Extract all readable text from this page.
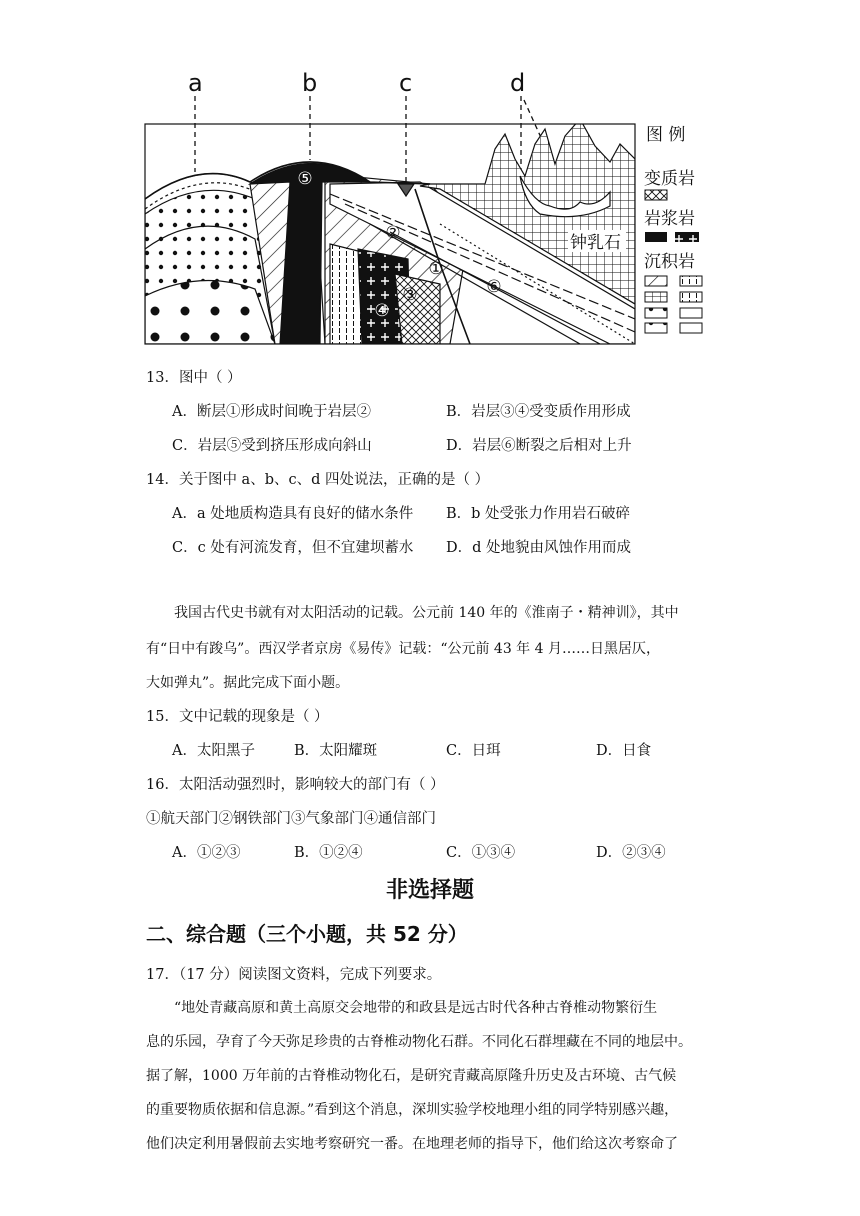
a	b	c	d
⑤
②
①
③
④
⑥
钟乳石
图 例
变质岩
岩浆岩
沉积岩
13．图中（ ）
A．断层①形成时间晚于岩层②	B．岩层③④受变质作用形成
C．岩层⑤受到挤压形成向斜山	D．岩层⑥断裂之后相对上升
14．关于图中 a、b、c、d 四处说法，正确的是（ ）
A．a 处地质构造具有良好的储水条件 B．b 处受张力作用岩石破碎
C．c 处有河流发育，但不宜建坝蓄水 D．d 处地貌由风蚀作用而成
我国古代史书就有对太阳活动的记载。公元前 140 年的《淮南子・精神训》，其中
有“日中有踆乌”。西汉学者京房《易传》记载：“公元前 43 年 4 月……日黑居仄，
大如弹丸”。据此完成下面小题。
15．文中记载的现象是（ ）
A．太阳黑子	B．太阳耀斑	C．日珥	D．日食
16．太阳活动强烈时，影响较大的部门有（ ）
①航天部门②钢铁部门③气象部门④通信部门
A．①②③	B．①②④	C．①③④	D．②③④
非选择题
二、综合题（三个小题，共 52 分）
17．（17 分）阅读图文资料，完成下列要求。
“地处青藏高原和黄土高原交会地带的和政县是远古时代各种古脊椎动物繁衍生
息的乐园，孕育了今天弥足珍贵的古脊椎动物化石群。不同化石群埋藏在不同的地层中。
据了解，1000 万年前的古脊椎动物化石，是研究青藏高原隆升历史及古环境、古气候
的重要物质依据和信息源。”看到这个消息，深圳实验学校地理小组的同学特别感兴趣，
他们决定利用暑假前去实地考察研究一番。在地理老师的指导下，他们给这次考察命了
